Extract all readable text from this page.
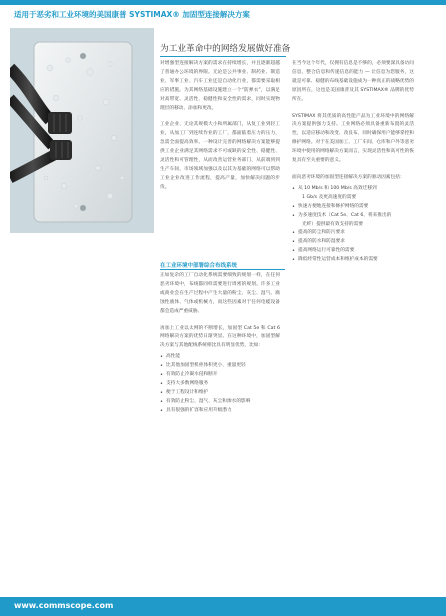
适用于恶劣和工业环境的美国康普 SYSTIMAX® 加固型连接解决方案
为工业革命中的网络发展做好准备

对增强型连接解决方案的需求在持续增长，并且逐渐超越了普通办公环境的界限。无论是公共事业、制药业、制造业、军事工业、汽车工业还是自动化行业，都需要采取相应的措施。为其网络基础设施建立一个“防弹衣”，以满足对高带宽、灵活性、稳健性和安全性的需求，同时实现物理层的移动、添加和更改。

工业企业、无论其规模大小和所属部门，从复工业到轻工业，从加工厂到连续作业的工厂，都面临着压力的压力，急需全面提高效率。一种设计完善的网络解决方案能够提供工业企业满足其网络需求不可或缺的安全性、稳健性、灵活性和可管理性，从而改善运营业务部门，从前端到到生产车间，市场领域加强以及以其为基础的网络可以帮助工业企业改进工作流程，提高产量，加快解决问题的步伐。

在工业环境中部署综合布线系统

正如复杂的工厂自动化系统需要细致的规划一样，在任何恶劣环境中，布线都同样需要进行周密的规划。许多工业或商业会在生产过程中产生大量的粉尘、灰尘、湿气、腐蚀性液体、气体或机械力，而这些因素对于任何电缆设备都会造成严重威胁。

再加上工业以太网的不断增长，加固型 Cat 5e 和 Cat 6 网络解决方案的优势日渐突显。在这种环境中，加固型解决方案与其他配线系统相比具有明显优势，比如：

• 高性能
• 比其他加固型机柜体积更小、重量更轻
• 有效防止冷凝水侵和断开
• 支持大多数网络服务
• 便于工程设计和维护
• 有效防止粉尘、湿气、灰尘和渗水的影响
• 具有很强的扩容和应用升级潜力

在当今这个年代，仅拥有信息是不够的，必须要深具备访问信息，整合信息和传递信息的能力 — 让信息为您服务，这就是可靠、稳健的布线基础设施成为一种真正的战略优势的原因所在，这也是美国康普及其 SYSTIMAX® 品牌的优势所在。

SYSTIMAX 将其优质的高性能产品为工业环境中的网络解决方案提供强力支持。工业网络必须具备重新布置的灵活性，以适应移动和改变、改良布、同时确保用户能够掌控和修护网络。对于在美国加工、工厂车间、仓库和户外等恶劣环境中使用的网络解决方案而言，实现灵活性和高可性的恢复具有至关重要的意义。

面向恶劣环境的加固型连接解决方案的驱动因素包括：

• 从 10 Mb/s 和 100 Mb/s 高效迁移到
1 Gb/s 及更高速度的需要
• 快速方便地连接和修护网络的需要
• 为多速度技术（Cat 5e、Cat 6、将来推出的
光纤）提供最有效支持的需要
• 提高的防尘和防污要求
• 提高的防水和防湿要求
• 提高网络运行可靠性的需要
• 降低经常性运营成本和维护成本的需要
www.commscope.com
